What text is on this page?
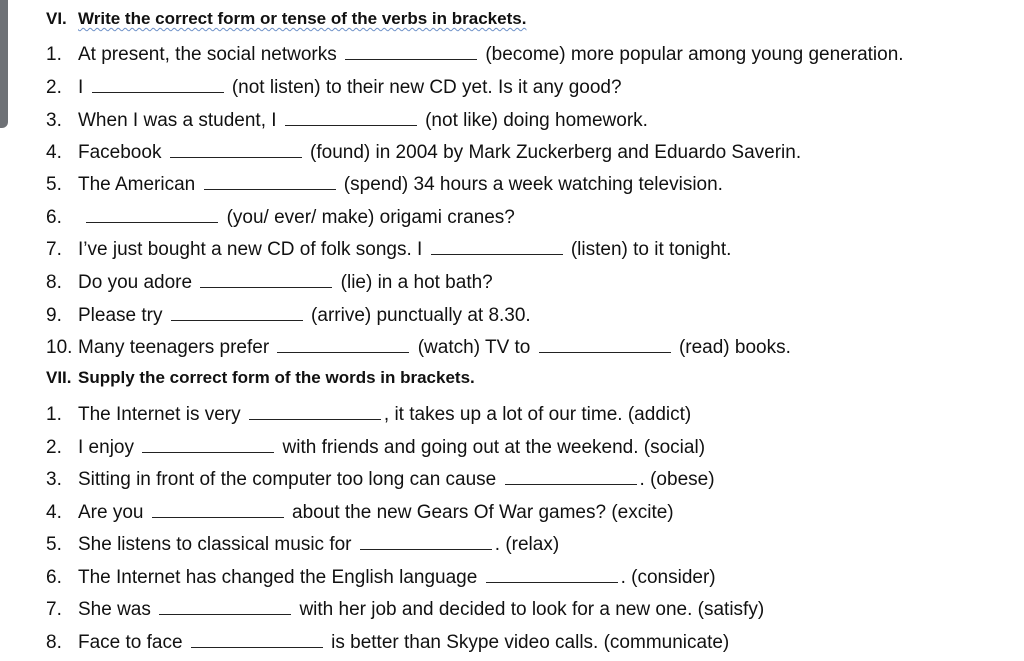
VI. Write the correct form or tense of the verbs in brackets.
1. At present, the social networks	(become) more popular among young generation.
2. I	(not listen) to their new CD yet. Is it any good?
3. When I was a student, I	(not like) doing homework.
4. Facebook	(found) in 2004 by Mark Zuckerberg and Eduardo Saverin.
5. The American	(spend) 34 hours a week watching television.
6.	(you/ ever/ make) origami cranes?
7. I’ve just bought a new CD of folk songs. I	(listen) to it tonight.
8. Do you adore	(lie) in a hot bath?
9. Please try	(arrive) punctually at 8.30.
10. Many teenagers prefer	(watch) TV to	(read) books.
VII. Supply the correct form of the words in brackets.
1. The Internet is very	, it takes up a lot of our time. (addict)
2. I enjoy	with friends and going out at the weekend. (social)
3. Sitting in front of the computer too long can cause	. (obese)
4. Are you	about the new Gears Of War games? (excite)
5. She listens to classical music for	. (relax)
6. The Internet has changed the English language	. (consider)
7. She was	with her job and decided to look for a new one. (satisfy)
8. Face to face	is better than Skype video calls. (communicate)
